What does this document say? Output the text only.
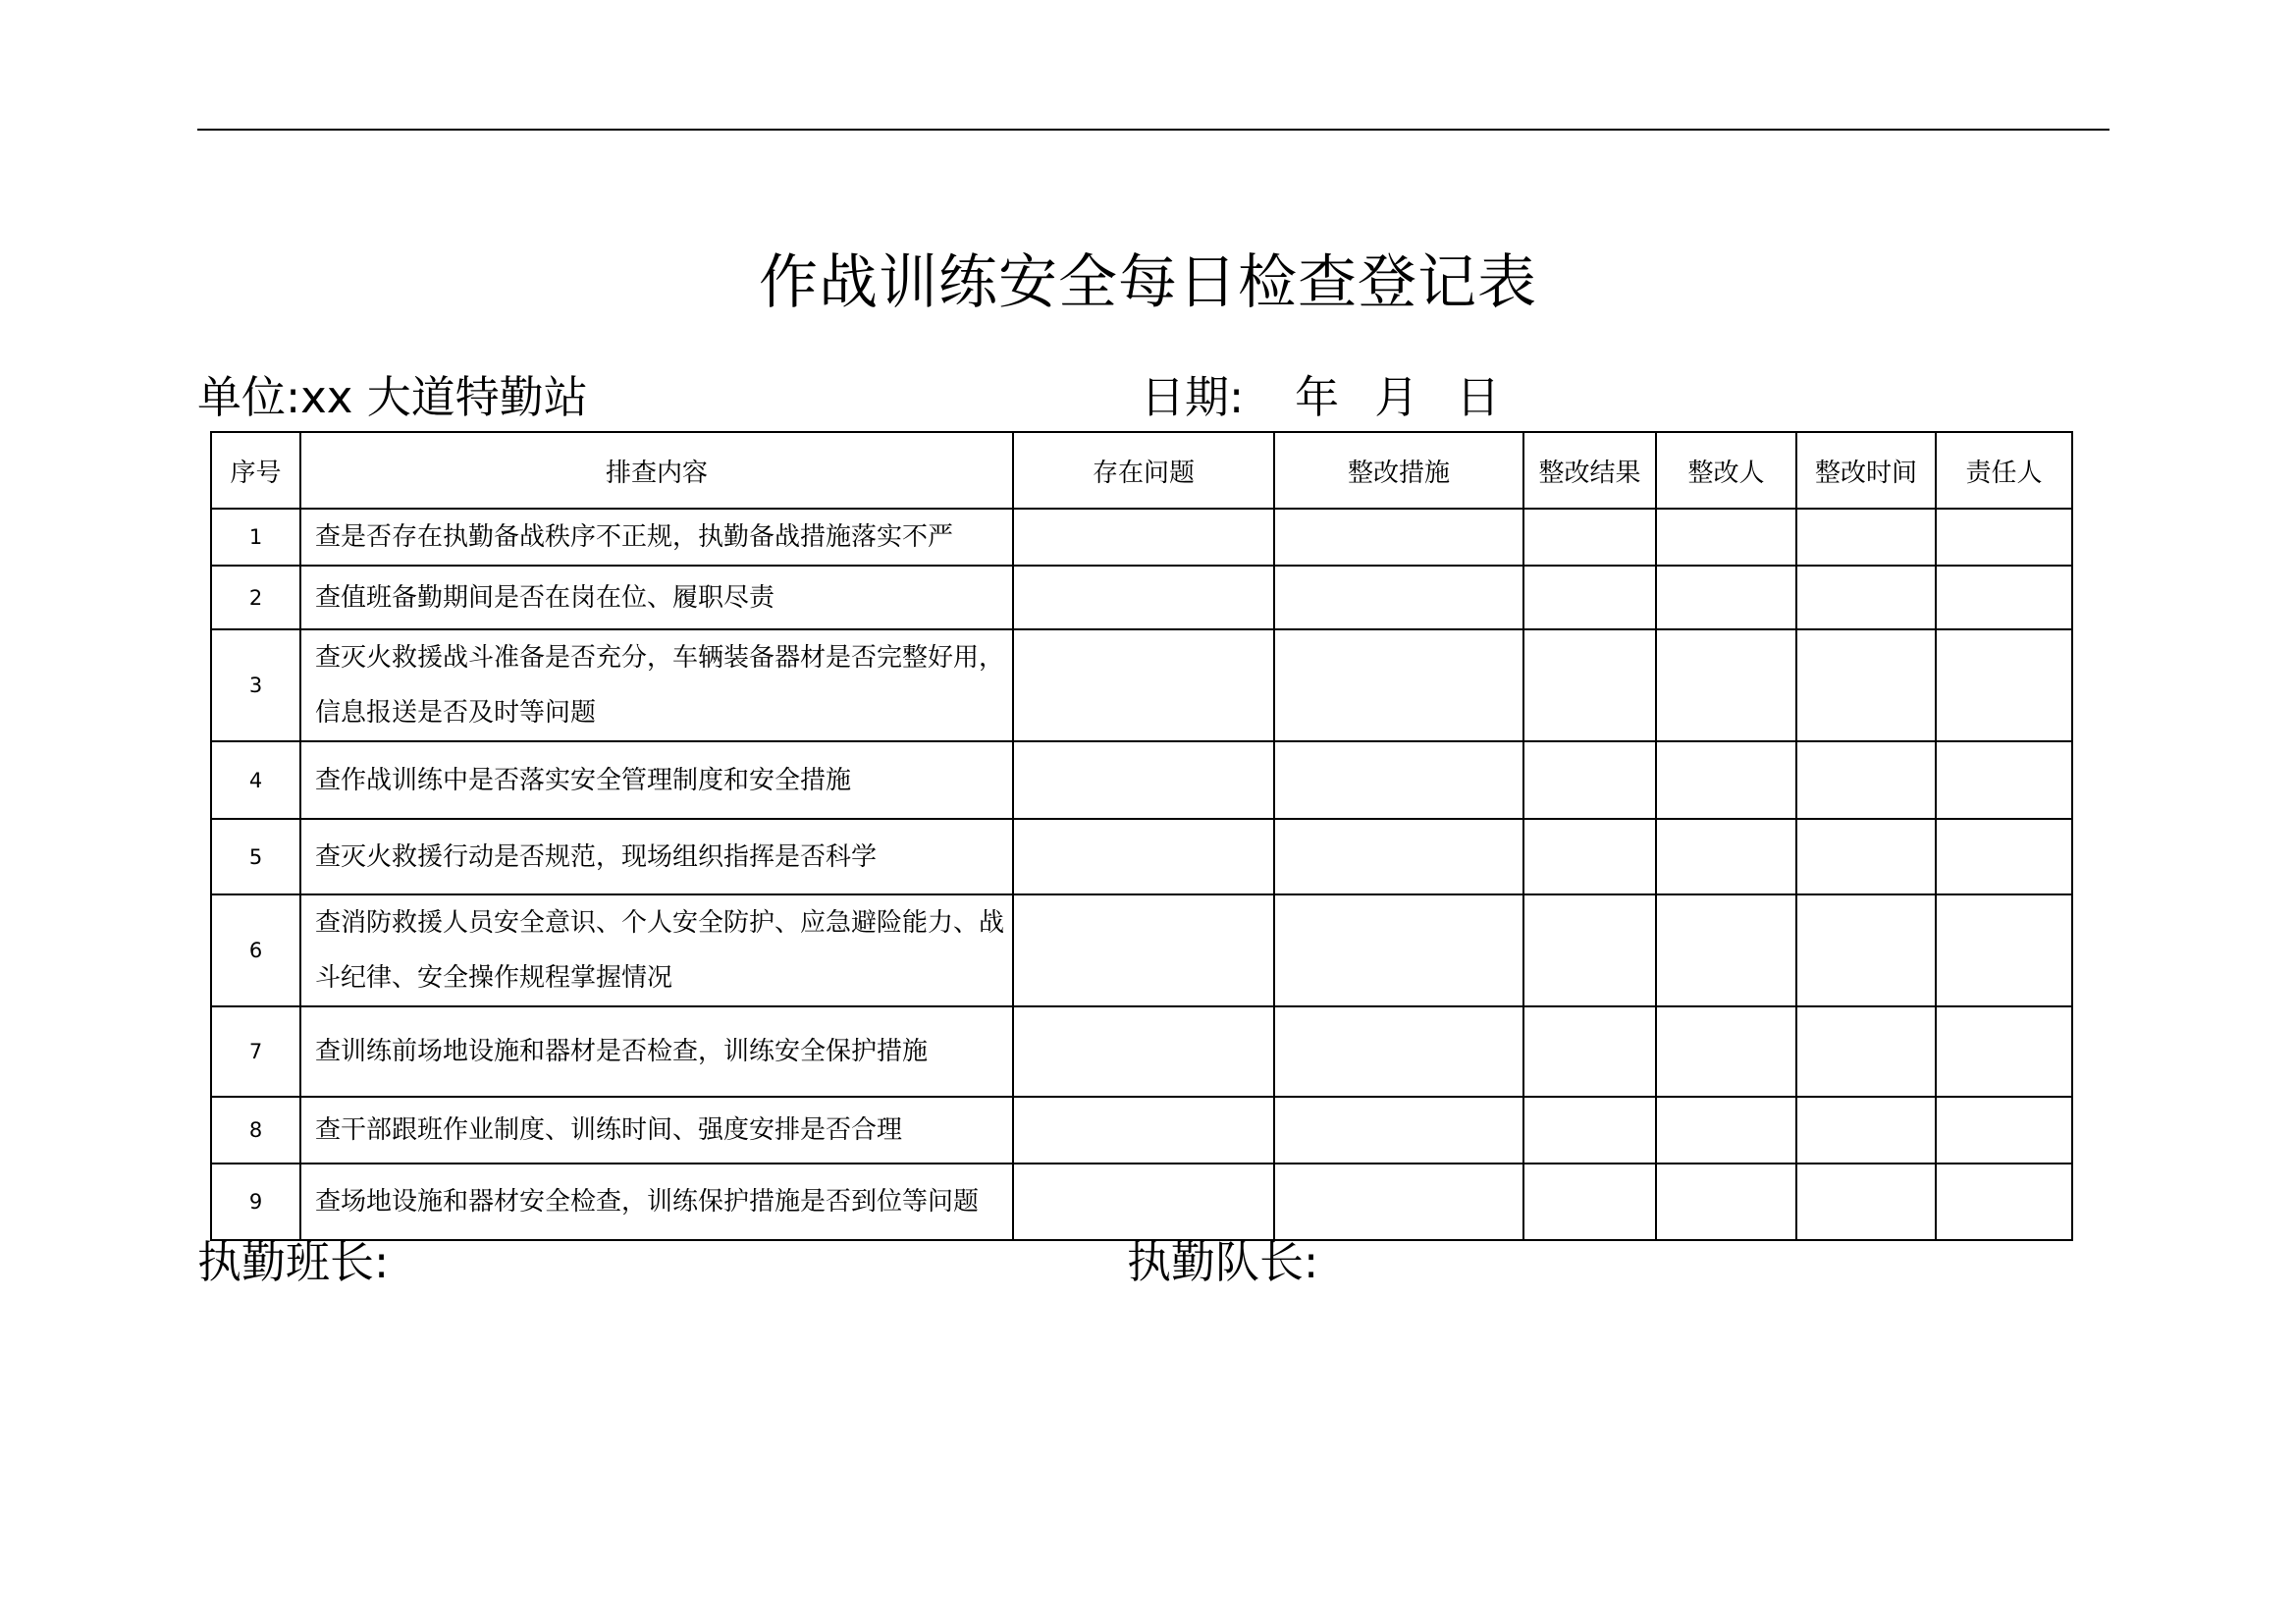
作战训练安全每日检查登记表
单位:xx 大道特勤站	日期: 年 月 日
序号	排查内容	存在问题	整改措施	整改结果	整改人	整改时间	责任人
1	查是否存在执勤备战秩序不正规，执勤备战措施落实不严						
2	查值班备勤期间是否在岗在位、履职尽责						
3	查灭火救援战斗准备是否充分，车辆装备器材是否完整好用，
信息报送是否及时等问题						

4	查作战训练中是否落实安全管理制度和安全措施						
5	查灭火救援行动是否规范，现场组织指挥是否科学						
6	查消防救援人员安全意识、个人安全防护、应急避险能力、战
斗纪律、安全操作规程掌握情况						

7	查训练前场地设施和器材是否检查，训练安全保护措施						
8	查干部跟班作业制度、训练时间、强度安排是否合理						
9	查场地设施和器材安全检查，训练保护措施是否到位等问题						
执勤班长:	执勤队长:
